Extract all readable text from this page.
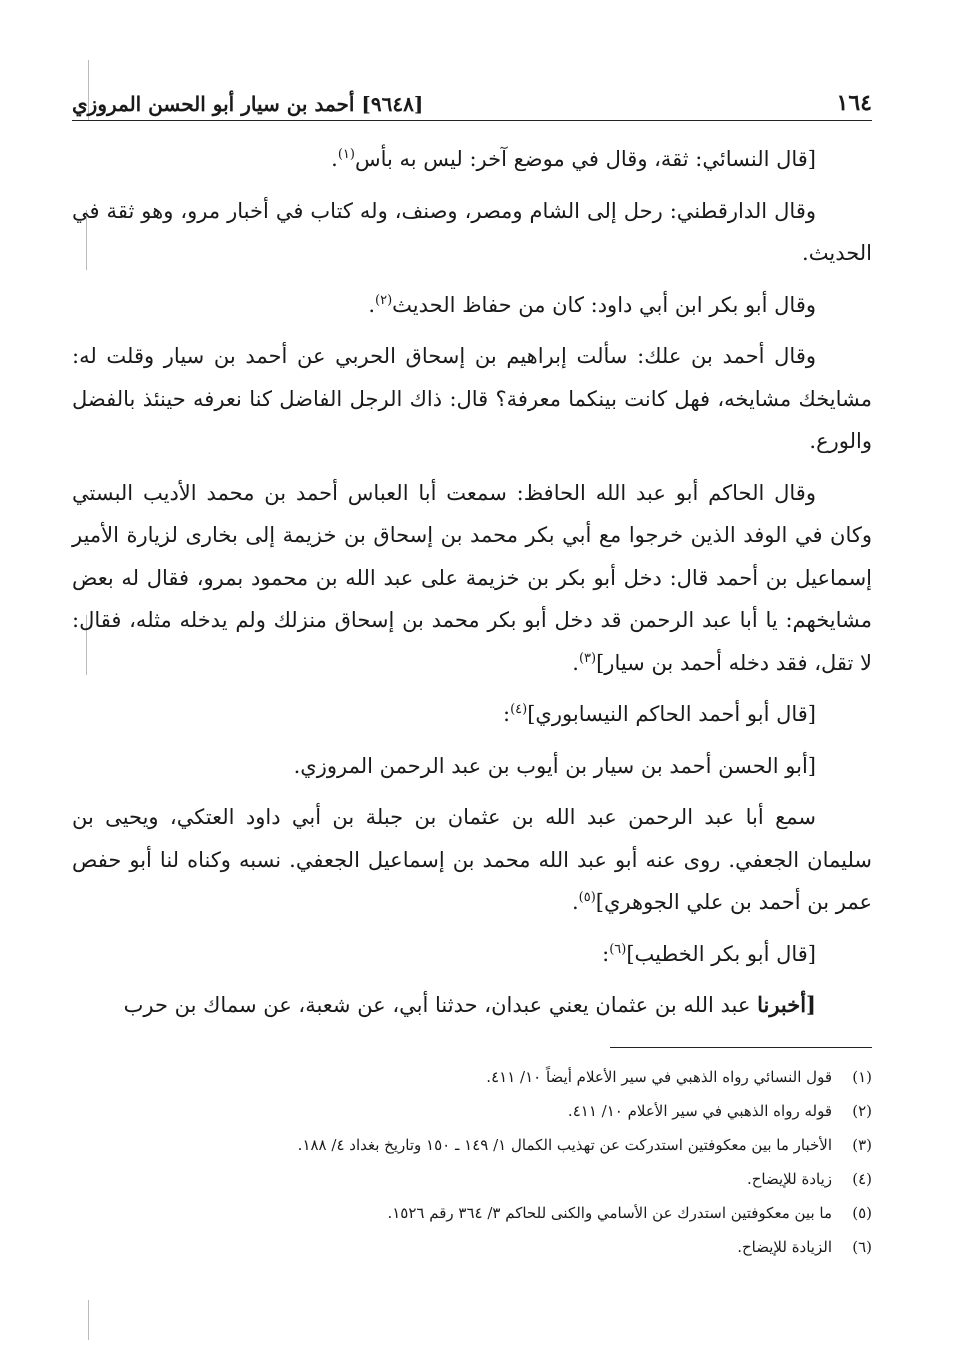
١٦٤
[٩٦٤٨] أحمد بن سيار أبو الحسن المروزي

[قال النسائي: ثقة، وقال في موضع آخر: ليس به بأس$^{(١)}$.

وقال الدارقطني: رحل إلى الشام ومصر، وصنف، وله كتاب في أخبار مرو، وهو ثقة في الحديث.

وقال أبو بكر ابن أبي داود: كان من حفاظ الحديث$^{(٢)}$.

وقال أحمد بن علك: سألت إبراهيم بن إسحاق الحربي عن أحمد بن سيار وقلت له: مشايخك مشايخه، فهل كانت بينكما معرفة؟ قال: ذاك الرجل الفاضل كنا نعرفه حينئذ بالفضل والورع.

وقال الحاكم أبو عبد الله الحافظ: سمعت أبا العباس أحمد بن محمد الأديب البستي وكان في الوفد الذين خرجوا مع أبي بكر محمد بن إسحاق بن خزيمة إلى بخارى لزيارة الأمير إسماعيل بن أحمد قال: دخل أبو بكر بن خزيمة على عبد الله بن محمود بمرو، فقال له بعض مشايخهم: يا أبا عبد الرحمن قد دخل أبو بكر محمد بن إسحاق منزلك ولم يدخله مثله، فقال: لا تقل، فقد دخله أحمد بن سيار]$^{(٣)}$.

[قال أبو أحمد الحاكم النيسابوري]$^{(٤)}$:

[أبو الحسن أحمد بن سيار بن أيوب بن عبد الرحمن المروزي.

سمع أبا عبد الرحمن عبد الله بن عثمان بن جبلة بن أبي داود العتكي، ويحيى بن سليمان الجعفي. روى عنه أبو عبد الله محمد بن إسماعيل الجعفي. نسبه وكناه لنا أبو حفص عمر بن أحمد بن علي الجوهري]$^{(٥)}$.

[قال أبو بكر الخطيب]$^{(٦)}$:

[أخبرنا عبد الله بن عثمان يعني عبدان، حدثنا أبي، عن شعبة، عن سماك بن حرب

(١)
قول النسائي رواه الذهبي في سير الأعلام أيضاً ١٠/ ٤١١.
(٢)
قوله رواه الذهبي في سير الأعلام ١٠/ ٤١١.
(٣)
الأخبار ما بين معكوفتين استدركت عن تهذيب الكمال ١/ ١٤٩ ـ ١٥٠ وتاريخ بغداد ٤/ ١٨٨.
(٤)
زيادة للإيضاح.
(٥)
ما بين معكوفتين استدرك عن الأسامي والكنى للحاكم ٣/ ٣٦٤ رقم ١٥٢٦.
(٦)
الزيادة للإيضاح.
